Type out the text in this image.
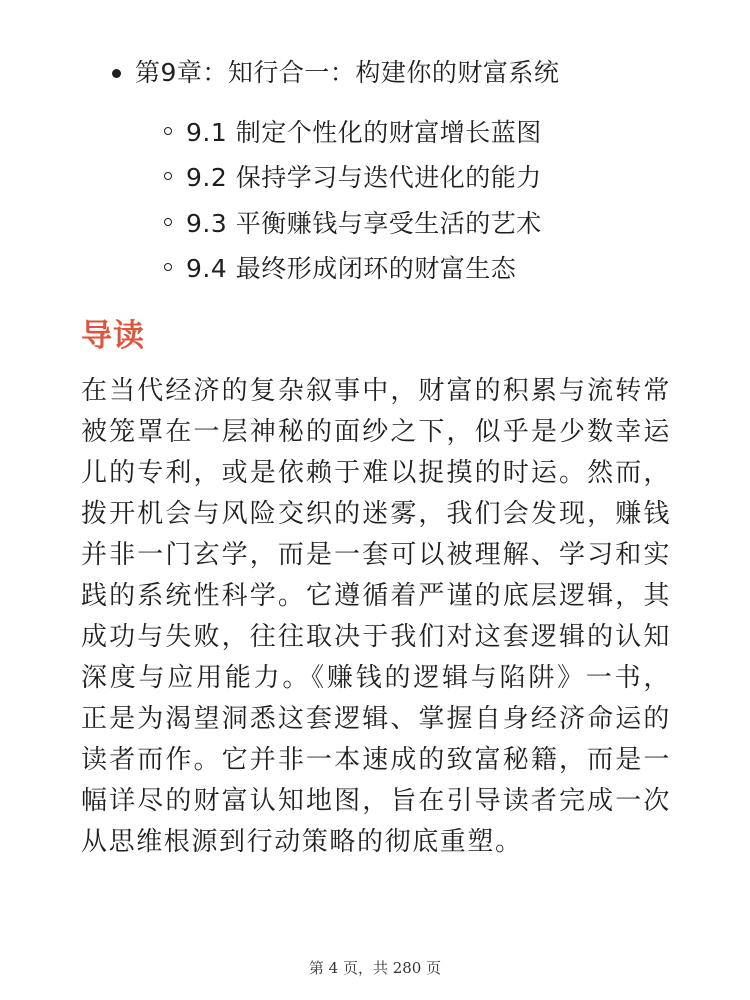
第9章：知行合一：构建你的财富系统
9.1 制定个性化的财富增长蓝图
9.2 保持学习与迭代进化的能力
9.3 平衡赚钱与享受生活的艺术
9.4 最终形成闭环的财富生态
导读

在当代经济的复杂叙事中，财富的积累与流转常被笼罩在一层神秘的面纱之下，似乎是少数幸运儿的专利，或是依赖于难以捉摸的时运。然而，拨开机会与风险交织的迷雾，我们会发现，赚钱并非一门玄学，而是一套可以被理解、学习和实践的系统性科学。它遵循着严谨的底层逻辑，其成功与失败，往往取决于我们对这套逻辑的认知深度与应用能力。《赚钱的逻辑与陷阱》一书，正是为渴望洞悉这套逻辑、掌握自身经济命运的读者而作。它并非一本速成的致富秘籍，而是一幅详尽的财富认知地图，旨在引导读者完成一次从思维根源到行动策略的彻底重塑。

第 4 页，共 280 页
